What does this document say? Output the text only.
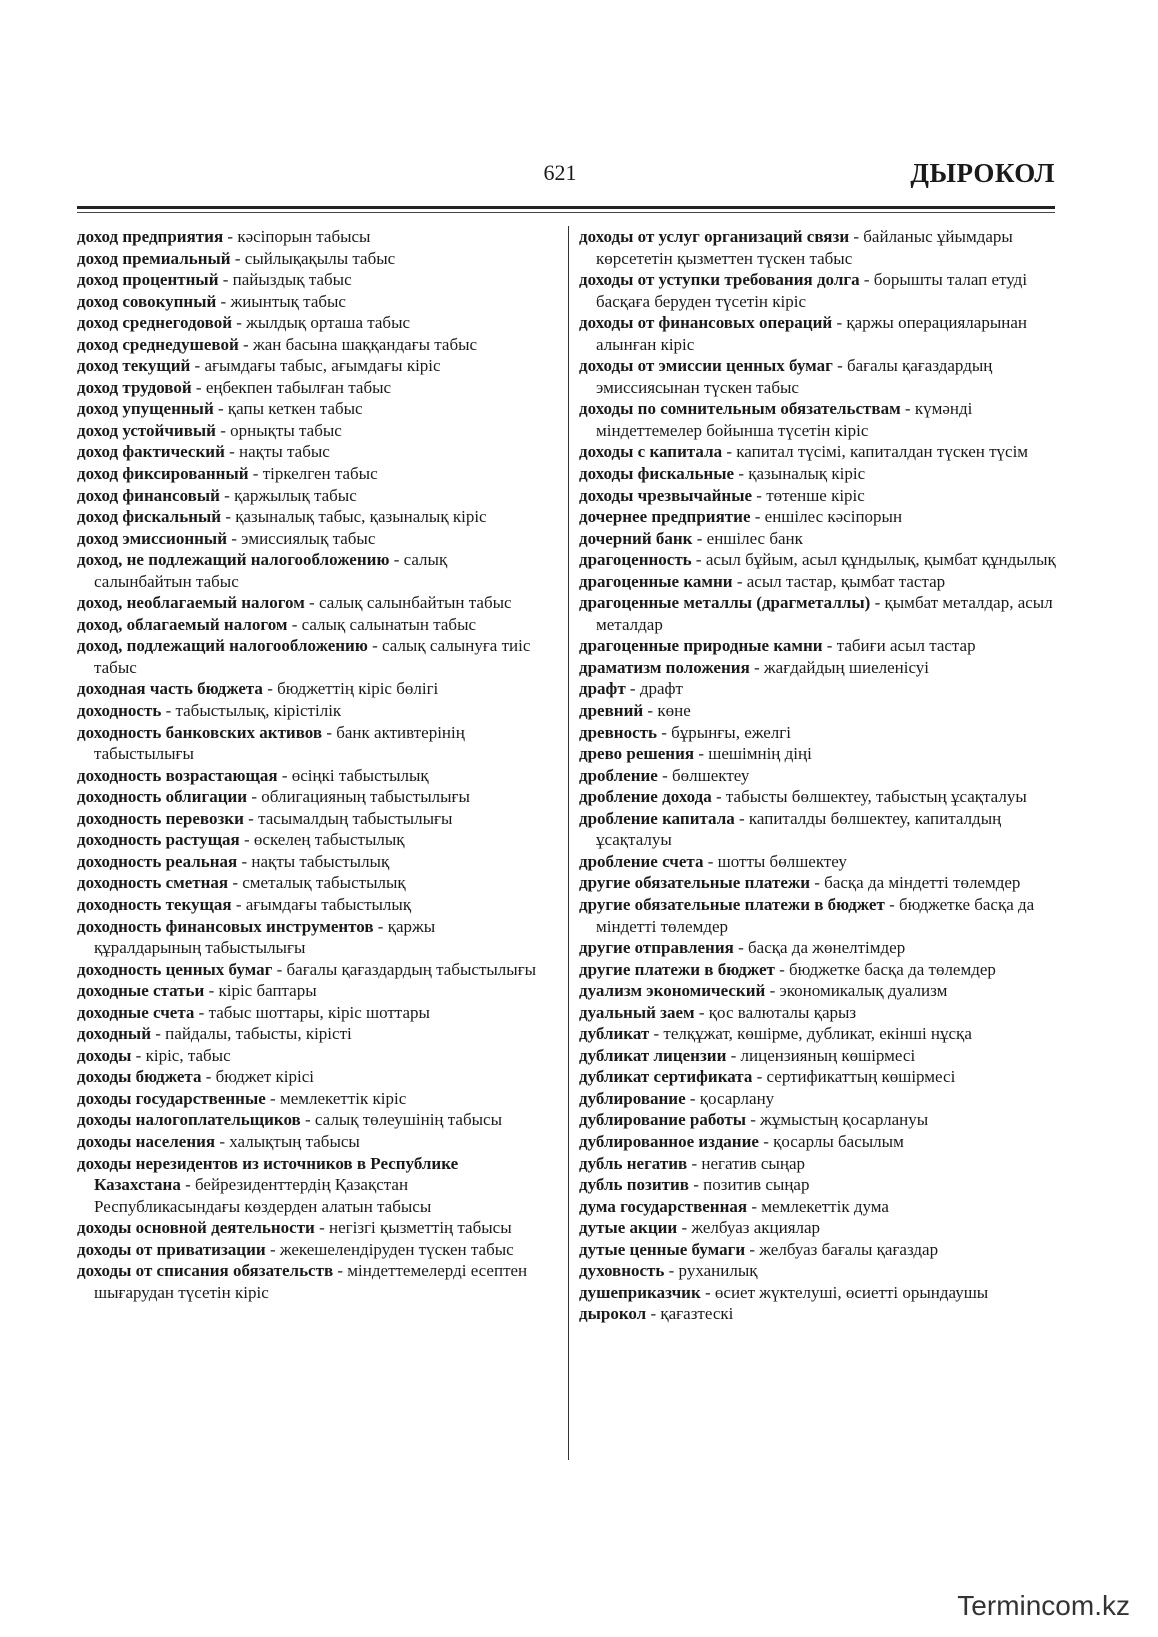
621	ДЫРОКОЛ

доход предприятия - кәсіпорын табысы

доход премиальный - сыйлықақылы табыс

доход процентный - пайыздық табыс

доход совокупный - жиынтық табыс

доход среднегодовой - жылдық орташа табыс

доход среднедушевой - жан басына шаққандағы табыс

доход текущий - ағымдағы табыс, ағымдағы кіріс

доход трудовой - еңбекпен табылған табыс

доход упущенный - қапы кеткен табыс

доход устойчивый - орнықты табыс

доход фактический - нақты табыс

доход фиксированный - тіркелген табыс

доход финансовый - қаржылық табыс

доход фискальный - қазыналық табыс, қазыналық кіріс

доход эмиссионный - эмиссиялық табыс

доход, не подлежащий налогообложению - салық салынбайтын табыс

доход, необлагаемый налогом - салық салынбайтын табыс

доход, облагаемый налогом - салық салынатын табыс

доход, подлежащий налогообложению - салық салынуға тиіс табыс

доходная часть бюджета - бюджеттің кіріс бөлігі

доходность - табыстылық, кірістілік

доходность банковских активов - банк активтерінің табыстылығы

доходность возрастающая - өсіңкі табыстылық

доходность облигации - облигацияның табыстылығы

доходность перевозки - тасымалдың табыстылығы

доходность растущая - өскелең табыстылық

доходность реальная - нақты табыстылық

доходность сметная - сметалық табыстылық

доходность текущая - ағымдағы табыстылық

доходность финансовых инструментов - қаржы құралдарының табыстылығы

доходность ценных бумаг - бағалы қағаздардың табыстылығы

доходные статьи - кіріс баптары

доходные счета - табыс шоттары, кіріс шоттары

доходный - пайдалы, табысты, кірісті

доходы - кіріс, табыс

доходы бюджета - бюджет кірісі

доходы государственные - мемлекеттік кіріс

доходы налогоплательщиков - салық төлеушінің табысы

доходы населения - халықтың табысы

доходы нерезидентов из источников в Республике Казахстана - бейрезиденттердің Қазақстан Республикасындағы көздерден алатын табысы

доходы основной деятельности - негізгі қызметтің табысы

доходы от приватизации - жекешелендіруден түскен табыс

доходы от списания обязательств - міндеттемелерді есептен шығарудан түсетін кіріс

доходы от услуг организаций связи - байланыс ұйымдары көрсететін қызметтен түскен табыс

доходы от уступки требования долга - борышты талап етуді басқаға беруден түсетін кіріс

доходы от финансовых операций - қаржы операцияларынан алынған кіріс

доходы от эмиссии ценных бумаг - бағалы қағаздардың эмиссиясынан түскен табыс

доходы по сомнительным обязательствам - күмәнді міндеттемелер бойынша түсетін кіріс

доходы с капитала - капитал түсімі, капиталдан түскен түсім

доходы фискальные - қазыналық кіріс

доходы чрезвычайные - төтенше кіріс

дочернее предприятие - еншілес кәсіпорын

дочерний банк - еншілес банк

драгоценность - асыл бұйым, асыл құндылық, қымбат құндылық

драгоценные камни - асыл тастар, қымбат тастар

драгоценные металлы (драгметаллы) - қымбат металдар, асыл металдар

драгоценные природные камни - табиғи асыл тастар

драматизм положения - жағдайдың шиеленісуі

драфт - драфт

древний - көне

древность - бұрынғы, ежелгі

древо решения - шешімнің діңі

дробление - бөлшектеу

дробление дохода - табысты бөлшектеу, табыстың ұсақталуы

дробление капитала - капиталды бөлшектеу, капиталдың ұсақталуы

дробление счета - шотты бөлшектеу

другие обязательные платежи - басқа да міндетті төлемдер

другие обязательные платежи в бюджет - бюджетке басқа да міндетті төлемдер

другие отправления - басқа да жөнелтімдер

другие платежи в бюджет - бюджетке басқа да төлемдер

дуализм экономический - экономикалық дуализм

дуальный заем - қос валюталы қарыз

дубликат - телқұжат, көшірме, дубликат, екінші нұсқа

дубликат лицензии - лицензияның көшірмесі

дубликат сертификата - сертификаттың көшірмесі

дублирование - қосарлану

дублирование работы - жұмыстың қосарлануы

дублированное издание - қосарлы басылым

дубль негатив - негатив сыңар

дубль позитив - позитив сыңар

дума государственная - мемлекеттік дума

дутые акции - желбуаз акциялар

дутые ценные бумаги - желбуаз бағалы қағаздар

духовность - руханилық

душеприказчик - өсиет жүктелуші, өсиетті орындаушы

дырокол - қағазтескі

Termincom.kz
